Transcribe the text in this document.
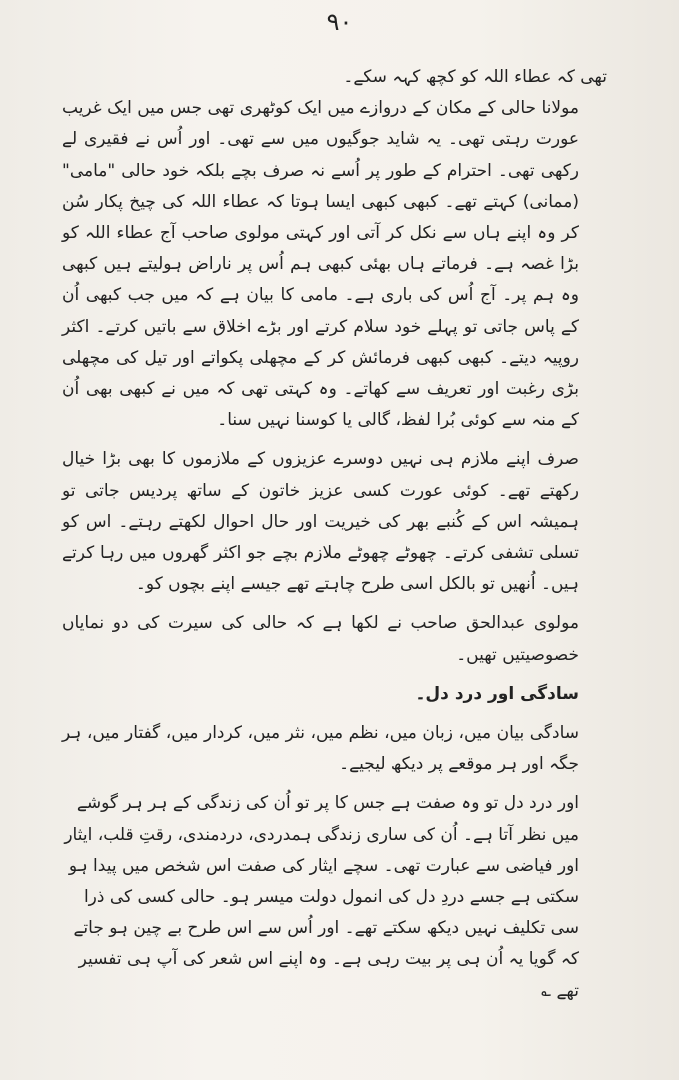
۹۰

تھی کہ عطاء اللہ کو کچھ کہہ سکے۔

مولانا حالی کے مکان کے دروازے میں ایک کوٹھری تھی جس میں ایک غریب عورت رہتی تھی۔ یہ شاید جوگیوں میں سے تھی۔ اور اُس نے فقیری لے رکھی تھی۔ احترام کے طور پر اُسے نہ صرف بچے بلکہ خود حالی "مامی" (ممانی) کہتے تھے۔ کبھی کبھی ایسا ہوتا کہ عطاء اللہ کی چیخ پکار سُن کر وہ اپنے ہاں سے نکل کر آتی اور کہتی مولوی صاحب آج عطاء اللہ کو بڑا غصہ ہے۔ فرماتے ہاں بھئی کبھی ہم اُس پر ناراض ہولیتے ہیں کبھی وہ ہم پر۔ آج اُس کی باری ہے۔ مامی کا بیان ہے کہ میں جب کبھی اُن کے پاس جاتی تو پہلے خود سلام کرتے اور بڑے اخلاق سے باتیں کرتے۔ اکثر روپیہ دیتے۔ کبھی کبھی فرمائش کر کے مچھلی پکواتے اور تیل کی مچھلی بڑی رغبت اور تعریف سے کھاتے۔ وہ کہتی تھی کہ میں نے کبھی بھی اُن کے منہ سے کوئی بُرا لفظ، گالی یا کوسنا نہیں سنا۔

صرف اپنے ملازم ہی نہیں دوسرے عزیزوں کے ملازموں کا بھی بڑا خیال رکھتے تھے۔ کوئی عورت کسی عزیز خاتون کے ساتھ پردیس جاتی تو ہمیشہ اس کے کُنبے بھر کی خیریت اور حال احوال لکھتے رہتے۔ اس کو تسلی تشفی کرتے۔ چھوٹے چھوٹے ملازم بچے جو اکثر گھروں میں رہا کرتے ہیں۔ اُنھیں تو بالکل اسی طرح چاہتے تھے جیسے اپنے بچوں کو۔

مولوی عبدالحق صاحب نے لکھا ہے کہ حالی کی سیرت کی دو نمایاں خصوصیتیں تھیں۔

سادگی اور درد دل۔

سادگی بیان میں، زبان میں، نظم میں، نثر میں، کردار میں، گفتار میں، ہر جگہ اور ہر موقعے پر دیکھ لیجیے۔

اور درد دل تو وہ صفت ہے جس کا پر تو اُن کی زندگی کے ہر ہر گوشے میں نظر آتا ہے۔ اُن کی ساری زندگی ہمدردی، دردمندی، رقتِ قلب، ایثار اور فیاضی سے عبارت تھی۔ سچے ایثار کی صفت اس شخص میں پیدا ہو سکتی ہے جسے دردِ دل کی انمول دولت میسر ہو۔ حالی کسی کی ذرا سی تکلیف نہیں دیکھ سکتے تھے۔ اور اُس سے اس طرح بے چین ہو جاتے کہ گویا یہ اُن ہی پر بیت رہی ہے۔ وہ اپنے اس شعر کی آپ ہی تفسیر تھے ؎
